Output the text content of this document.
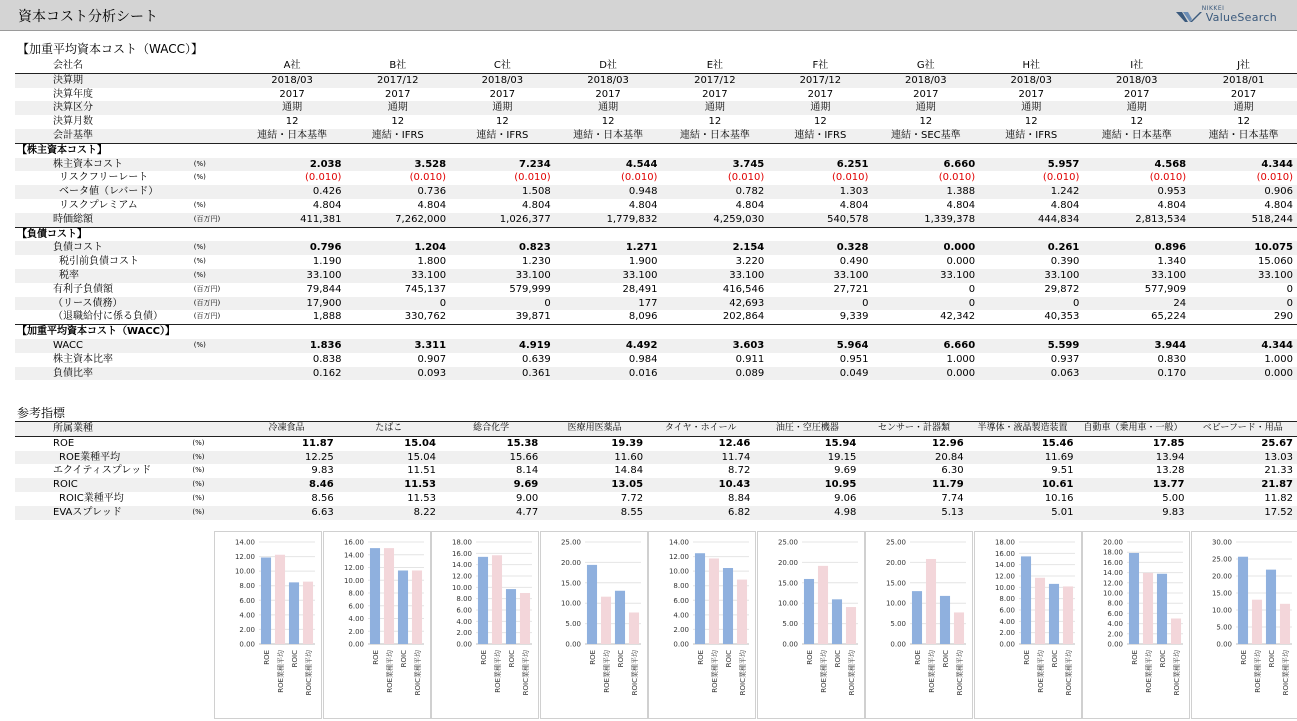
資本コスト分析シート
NIKKEI
ValueSearch
【加重平均資本コスト（WACC）】
会社名		A社	B社	C社	D社	E社	F社	G社	H社	I社	J社
決算期		2018/03	2017/12	2018/03	2018/03	2017/12	2017/12	2018/03	2018/03	2018/03	2018/01
決算年度		2017	2017	2017	2017	2017	2017	2017	2017	2017	2017
決算区分		通期	通期	通期	通期	通期	通期	通期	通期	通期	通期
決算月数		12	12	12	12	12	12	12	12	12	12
会計基準		連結・日本基準	連結・IFRS	連結・IFRS	連結・日本基準	連結・日本基準	連結・IFRS	連結・SEC基準	連結・IFRS	連結・日本基準	連結・日本基準
【株主資本コスト】											
株主資本コスト	(%)	2.038	3.528	7.234	4.544	3.745	6.251	6.660	5.957	4.568	4.344
リスクフリーレート	(%)	(0.010)	(0.010)	(0.010)	(0.010)	(0.010)	(0.010)	(0.010)	(0.010)	(0.010)	(0.010)
ベータ値（レバード）		0.426	0.736	1.508	0.948	0.782	1.303	1.388	1.242	0.953	0.906
リスクプレミアム	(%)	4.804	4.804	4.804	4.804	4.804	4.804	4.804	4.804	4.804	4.804
時価総額	(百万円)	411,381	7,262,000	1,026,377	1,779,832	4,259,030	540,578	1,339,378	444,834	2,813,534	518,244
【負債コスト】											
負債コスト	(%)	0.796	1.204	0.823	1.271	2.154	0.328	0.000	0.261	0.896	10.075
税引前負債コスト	(%)	1.190	1.800	1.230	1.900	3.220	0.490	0.000	0.390	1.340	15.060
税率	(%)	33.100	33.100	33.100	33.100	33.100	33.100	33.100	33.100	33.100	33.100
有利子負債額	(百万円)	79,844	745,137	579,999	28,491	416,546	27,721	0	29,872	577,909	0
（リース債務）	(百万円)	17,900	0	0	177	42,693	0	0	0	24	0
（退職給付に係る負債）	(百万円)	1,888	330,762	39,871	8,096	202,864	9,339	42,342	40,353	65,224	290
【加重平均資本コスト（WACC）】											
WACC	(%)	1.836	3.311	4.919	4.492	3.603	5.964	6.660	5.599	3.944	4.344
株主資本比率		0.838	0.907	0.639	0.984	0.911	0.951	1.000	0.937	0.830	1.000
負債比率		0.162	0.093	0.361	0.016	0.089	0.049	0.000	0.063	0.170	0.000
参考指標
所属業種		冷凍食品	たばこ	総合化学	医療用医薬品	タイヤ・ホイール	油圧・空圧機器	センサー・計器類	半導体・液晶製造装置	自動車（乗用車・一般）	ベビーフード・用品
ROE	(%)	11.87	15.04	15.38	19.39	12.46	15.94	12.96	15.46	17.85	25.67
ROE業種平均	(%)	12.25	15.04	15.66	11.60	11.74	19.15	20.84	11.69	13.94	13.03
エクイティスプレッド	(%)	9.83	11.51	8.14	14.84	8.72	9.69	6.30	9.51	13.28	21.33
ROIC	(%)	8.46	11.53	9.69	13.05	10.43	10.95	11.79	10.61	13.77	21.87
ROIC業種平均	(%)	8.56	11.53	9.00	7.72	8.84	9.06	7.74	10.16	5.00	11.82
EVAスプレッド	(%)	6.63	8.22	4.77	8.55	6.82	4.98	5.13	5.01	9.83	17.52
0.00
2.00
4.00
6.00
8.00
10.00
12.00
14.00
ROE ROE業種平均 ROIC ROIC業種平均
0.00
2.00
4.00
6.00
8.00
10.00
12.00
14.00
16.00
ROE ROE業種平均 ROIC ROIC業種平均
0.00
2.00
4.00
6.00
8.00
10.00
12.00
14.00
16.00
18.00
ROE ROE業種平均 ROIC ROIC業種平均
0.00
5.00
10.00
15.00
20.00
25.00
ROE ROE業種平均 ROIC ROIC業種平均
0.00
2.00
4.00
6.00
8.00
10.00
12.00
14.00
ROE ROE業種平均 ROIC ROIC業種平均
0.00
5.00
10.00
15.00
20.00
25.00
ROE ROE業種平均 ROIC ROIC業種平均
0.00
5.00
10.00
15.00
20.00
25.00
ROE ROE業種平均 ROIC ROIC業種平均
0.00
2.00
4.00
6.00
8.00
10.00
12.00
14.00
16.00
18.00
ROE ROE業種平均 ROIC ROIC業種平均
0.00
2.00
4.00
6.00
8.00
10.00
12.00
14.00
16.00
18.00
20.00
ROE ROE業種平均 ROIC ROIC業種平均
0.00
5.00
10.00
15.00
20.00
25.00
30.00
ROE ROE業種平均 ROIC ROIC業種平均
